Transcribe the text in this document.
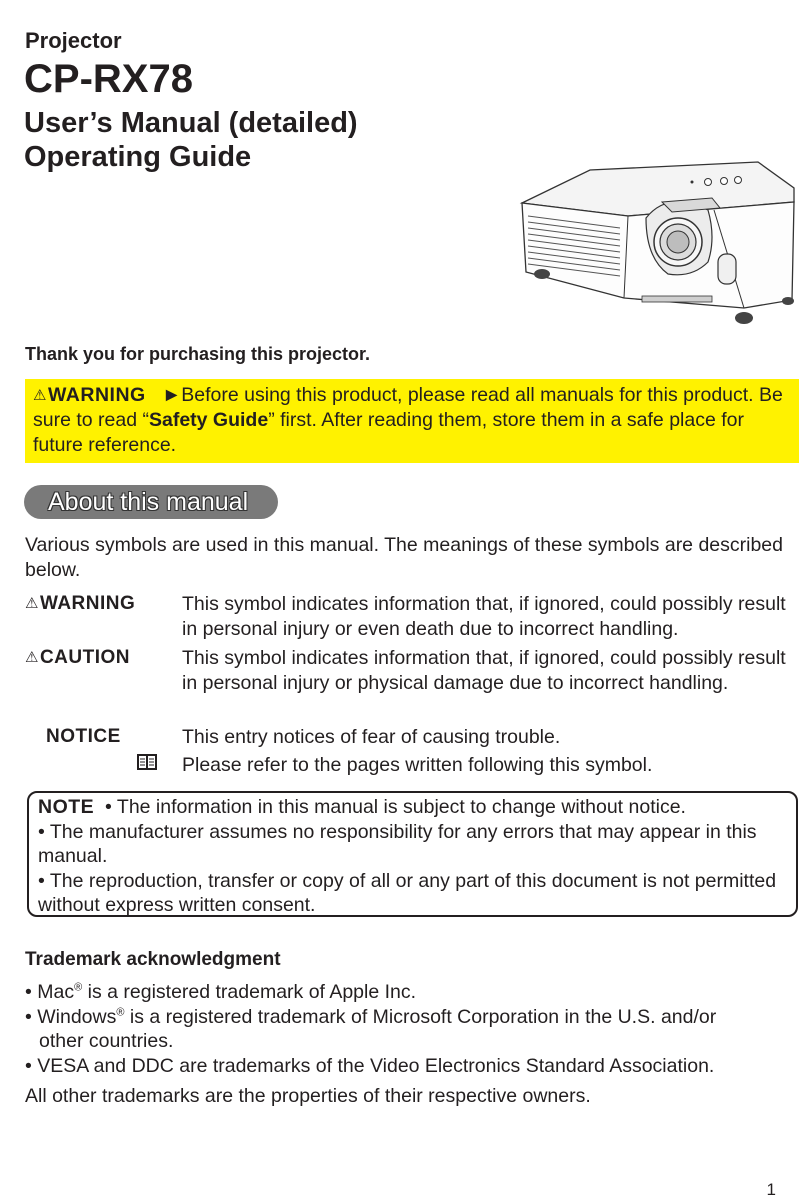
Projector
CP-RX78
User’s Manual (detailed)
Operating Guide
Thank you for purchasing this projector.
⚠WARNING ►Before using this product, please read all manuals for this product. Be sure to read “Safety Guide” first. After reading them, store them in a safe place for future reference.
About this manual
Various symbols are used in this manual. The meanings of these symbols are described below.
⚠WARNING This symbol indicates information that, if ignored, could possibly result in personal injury or even death due to incorrect handling.
⚠CAUTION	This symbol indicates information that, if ignored, could possibly result in personal injury or physical damage due to incorrect handling.
NOTICE	This entry notices of fear of causing trouble.
Please refer to the pages written following this symbol.
NOTE • The information in this manual is subject to change without notice.
• The manufacturer assumes no responsibility for any errors that may appear in this manual.
• The reproduction, transfer or copy of all or any part of this document is not permitted without express written consent.
Trademark acknowledgment
• Mac® is a registered trademark of Apple Inc.
• Windows® is a registered trademark of Microsoft Corporation in the U.S. and/or
other countries.
• VESA and DDC are trademarks of the Video Electronics Standard Association.
All other trademarks are the properties of their respective owners.
1
